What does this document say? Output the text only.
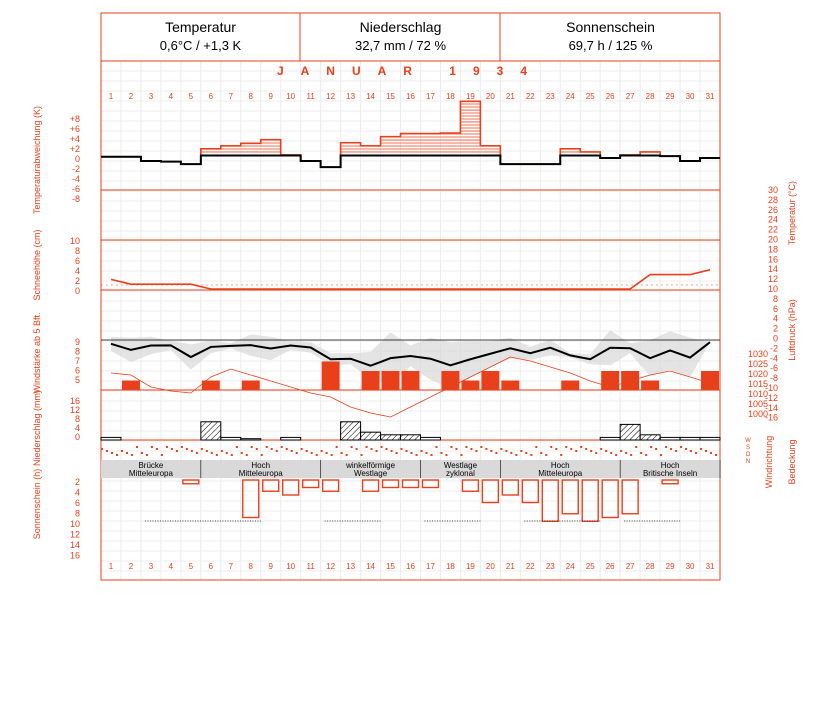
1
1
2
2
3
3
4
4
5
5
6
6
7
7
8
8
9
9
10
10
11
11
12
12
13
13
14
14
15
15
16
16
17
17
18
18
19
19
20
20
21
21
22
22
23
23
24
24
25
25
26
26
27
27
28
28
29
29
30
30
31
31
+8
+6
+4
+2
0
-2
-4
-6
-8
10
8
6
4
2
0
9
8
7
6
5
16
12
8
4
0
2
4
6
8
10
12
14
16
Temperaturabweichung (K)
Schneehöhe (cm)
Windstärke ab 5 Bft.
Niederschlag (mm)
Sonnenschein (h)
30
28
26
24
22
20
18
16
14
12
10
8
6
4
2
0
-2
-4
-6
-8
-10
-12
-14
-16
1030
1025
1020
1015
1010
1005
1000
Temperatur (°C)
Luftdruck (hPa)
Windrichtung Bedeckung
N
O
S
W
Brücke
Mitteleuropa
Hoch
Mitteleuropa
winkelförmige
Westlage
Westlage
zyklonal
Hoch
Mitteleuropa
Hoch
Britische Inseln
Temperatur
0,6°C / +1,3 K
Niederschlag
32,7 mm / 72 %
Sonnenschein
69,7 h / 125 %
JANUAR 1934
